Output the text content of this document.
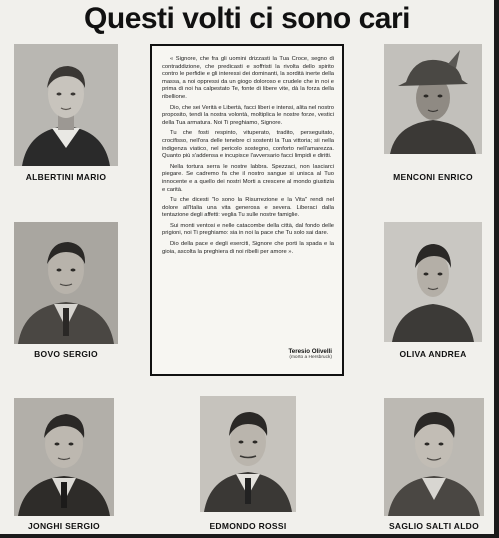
Questi volti ci sono cari
ALBERTINI MARIO	MENCONI ENRICO
BOVO SERGIO	OLIVA ANDREA

« Signore, che fra gli uomini drizzasti la Tua Croce, segno di contraddizione, che predicasti e soffristi la rivolta dello spirito contro le perfidie e gli interessi dei dominanti, la sordità inerte della massa, a noi oppressi da un giogo doloroso e crudele che in noi e prima di noi ha calpestato Te, fonte di libere vite, dà la forza della ribellione.

Dio, che sei Verità e Libertà, facci liberi e intensi, alita nel nostro proposito, tendi la nostra volontà, moltiplica le nostre forze, vestici della Tua armatura. Noi Ti preghiamo, Signore.

Tu che fosti respinto, vituperato, tradito, perseguitato, crocifisso, nell'ora delle tenebre ci sostenti la Tua vittoria; sii nella indigenza viatico, nel pericolo sostegno, conforto nell'amarezza. Quanto più s'addensa e incupisce l'avversario facci limpidi e diritti.

Nella tortura serra le nostre labbra. Spezzaci, non lasciarci piegare. Se cadremo fa che il nostro sangue si unisca al Tuo innocente e a quello dei nostri Morti a crescere al mondo giustizia e carità.

Tu che dicesti "Io sono la Risurrezione e la Vita" rendi nel dolore all'Italia una vita generosa e severa. Liberaci dalla tentazione degli affetti: veglia Tu sulle nostre famiglie.

Sui monti ventosi e nelle catacombe della città, dal fondo delle prigioni, noi Ti preghiamo: sia in noi la pace che Tu solo sai dare.

Dio della pace e degli eserciti, Signore che porti la spada e la gioia, ascolta la preghiera di noi ribelli per amore ».

Teresio Olivelli
(morto a Hersbruck)
JONGHI SERGIO	EDMONDO ROSSI	SAGLIO SALTI ALDO
